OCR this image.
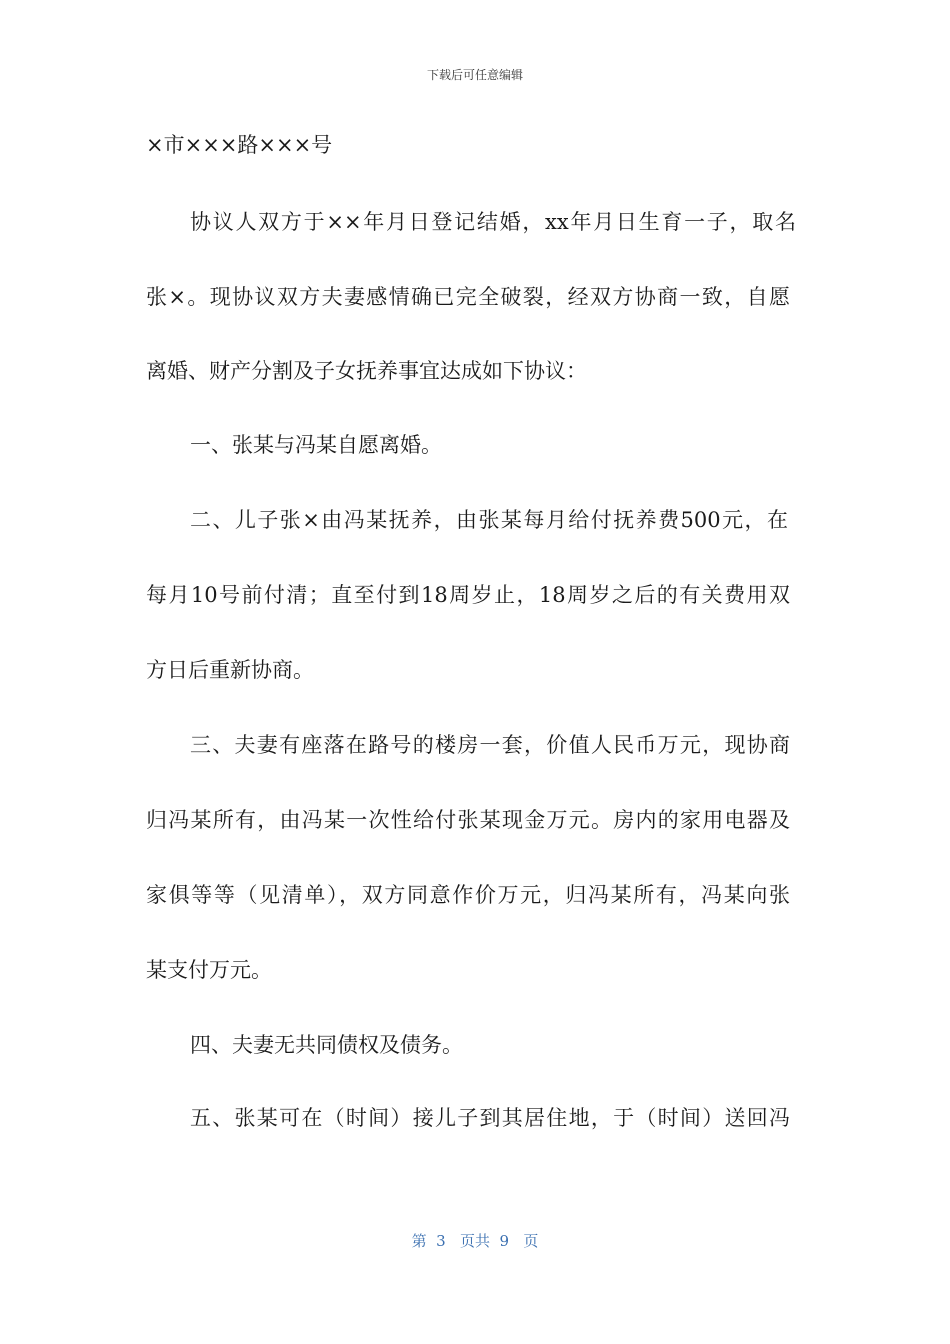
下载后可任意编辑
×市×××路×××号
协议人双方于××年月日登记结婚，xx年月日生育一子，取名
张×。现协议双方夫妻感情确已完全破裂，经双方协商一致，自愿
离婚、财产分割及子女抚养事宜达成如下协议：
一、张某与冯某自愿离婚。
二、儿子张×由冯某抚养，由张某每月给付抚养费500元，在
每月10号前付清；直至付到18周岁止，18周岁之后的有关费用双
方日后重新协商。
三、夫妻有座落在路号的楼房一套，价值人民币万元，现协商
归冯某所有，由冯某一次性给付张某现金万元。房内的家用电器及
家俱等等（见清单），双方同意作价万元，归冯某所有，冯某向张
某支付万元。
四、夫妻无共同债权及债务。
五、张某可在（时间）接儿子到其居住地，于（时间）送回冯
第  3   页共  9   页
